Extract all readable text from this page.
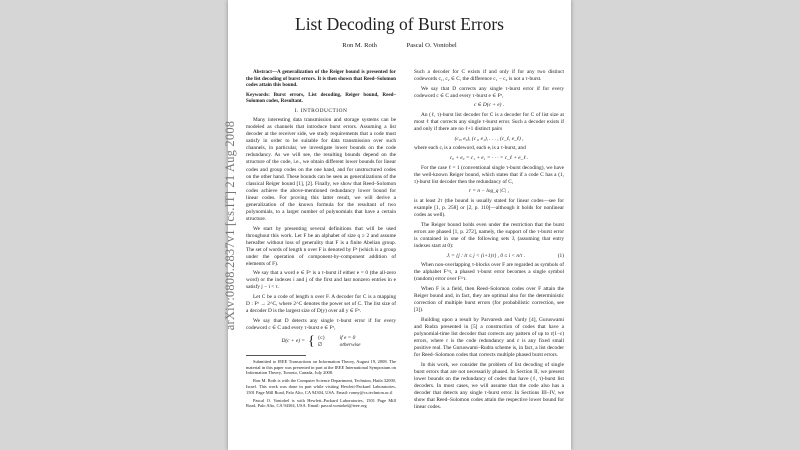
List Decoding of Burst Errors
Ron M. Roth	Pascal O. Vontobel

Abstract—A generalization of the Reiger bound is presented for the list decoding of burst errors. It is then shown that Reed–Solomon codes attain this bound.

Keywords: Burst errors, List decoding, Reiger bound, Reed–Solomon codes, Resultant.

I. INTRODUCTION

Many interesting data transmission and storage systems can be modeled as channels that introduce burst errors. Assuming a list decoder at the receiver side, we study requirements that a code must satisfy in order to be suitable for data transmission over such channels, in particular, we investigate lower bounds on the code redundancy. As we will see, the resulting bounds depend on the structure of the code, i.e., we obtain different lower bounds for linear codes and group codes on the one hand, and for unstructured codes on the other hand. These bounds can be seen as generalizations of the classical Reiger bound [1], [2]. Finally, we show that Reed–Solomon codes achieve the above-mentioned redundancy lower bound for linear codes. For proving this latter result, we will derive a generalization of the known formula for the resultant of two polynomials, to a larger number of polynomials that have a certain structure.

We start by presenting several definitions that will be used throughout this work. Let F be an alphabet of size q ≥ 2 and assume hereafter without loss of generality that F is a finite Abelian group. The set of words of length n over F is denoted by Fⁿ (which is a group under the operation of component-by-component addition of elements of F).

We say that a word e ∈ Fⁿ is a τ-burst if either e = 0 (the all-zero word) or the indexes i and j of the first and last nonzero entries in e satisfy j − i < τ.

Let C be a code of length n over F. A decoder for C is a mapping D : Fⁿ → 2^C, where 2^C denotes the power set of C. The list size of a decoder D is the largest size of D(y) over all y ∈ Fⁿ.

We say that D detects any single τ-burst error if for every codeword c ∈ C and every τ-burst e ∈ Fⁿ,

D(c + e) = { {c}	if e = 0
∅	otherwise

Submitted to IEEE Transactions on Information Theory, August 19, 2008. The material in this paper was presented in part at the IEEE International Symposium on Information Theory, Toronto, Canada, July 2008.

Ron M. Roth is with the Computer Science Department, Technion, Haifa 32000, Israel. This work was done in part while visiting Hewlett-Packard Laboratories, 1501 Page Mill Road, Palo Alto, CA 94304, USA. Email: ronny@cs.technion.ac.il

Pascal O. Vontobel is with Hewlett–Packard Laboratories, 1501 Page Mill Road, Palo Alto, CA 94304, USA. Email: pascal.vontobel@ieee.org

Such a decoder for C exists if and only if for any two distinct codewords c₁, c₂ ∈ C, the difference c₁ − c₂ is not a τ-burst.

We say that D corrects any single τ-burst error if for every codeword c ∈ C and every τ-burst e ∈ Fⁿ,

c ∈ D(c + e) .

An (ℓ, τ)-burst list decoder for C is a decoder for C of list size at most ℓ that corrects any single τ-burst error. Such a decoder exists if and only if there are no ℓ+1 distinct pairs

(c₀, e₀), (c₁, e₁), . . . , (c_ℓ, e_ℓ) ,

where each cᵢ is a codeword, each eᵢ is a τ-burst, and

c₀ + e₀ = c₁ + e₁ = · · · = c_ℓ + e_ℓ .

For the case ℓ = 1 (conventional single τ-burst decoding), we have the well-known Reiger bound, which states that if a code C has a (1, τ)-burst list decoder then the redundancy of C,

r = n − log_q |C| ,

is at least 2τ (the bound is usually stated for linear codes—see for example [1, p. 258] or [2, p. 110]—although it holds for nonlinear codes as well).

The Reiger bound holds even under the restriction that the burst errors are phased [1, p. 272], namely, the support of the τ-burst error is contained in one of the following sets Jᵢ (assuming that entry indexes start at 0):

Jᵢ = {j : iτ ≤ j < (i+1)τ} , 0 ≤ i < n/τ .	(1)

When non-overlapping τ-blocks over F are regarded as symbols of the alphabet F^τ, a phased τ-burst error becomes a single symbol (random) error over F^τ.

When F is a field, then Reed–Solomon codes over F attain the Reiger bound and, in fact, they are optimal also for the deterministic correction of multiple burst errors (for probabilistic correction, see [3]).

Building upon a result by Parvaresh and Vardy [4], Guruswami and Rudra presented in [5] a construction of codes that have a polynomial-time list decoder that corrects any pattern of up to r(1−ε) errors, where r is the code redundancy and ε is any fixed small positive real. The Guruswami–Rudra scheme is, in fact, a list decoder for Reed–Solomon codes that corrects multiple phased burst errors.

In this work, we consider the problem of list decoding of single burst errors that are not necessarily phased. In Section II, we present lower bounds on the redundancy of codes that have (ℓ, τ)-burst list decoders. In most cases, we will assume that the code also has a decoder that detects any single τ-burst error. In Sections III–IV, we show that Reed–Solomon codes attain the respective lower bound for linear codes.

arXiv:0808.2837v1 [cs.IT] 21 Aug 2008
